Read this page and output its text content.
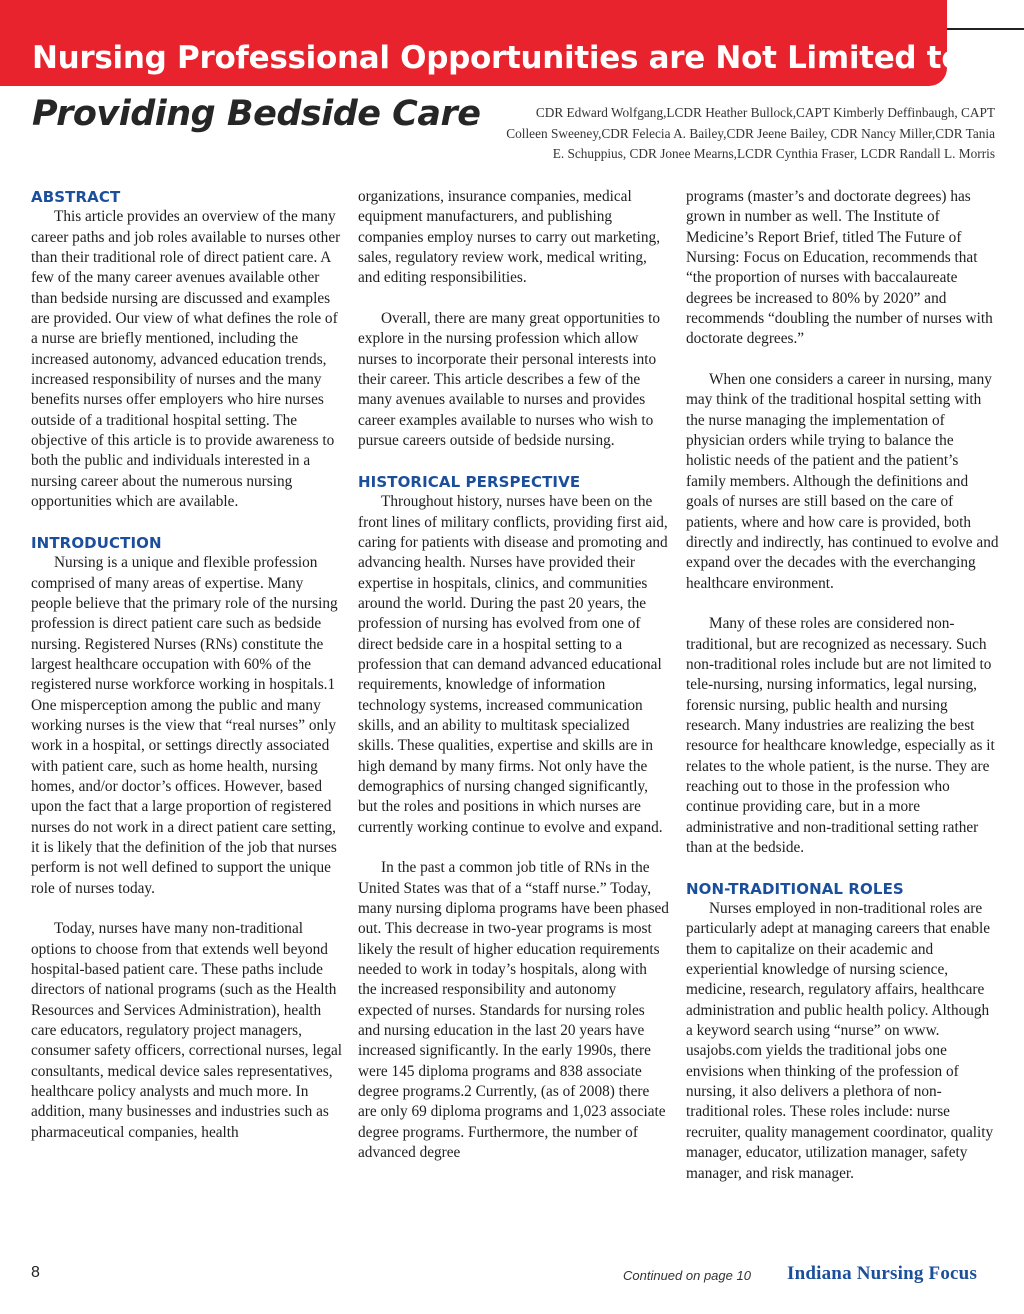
Nursing Professional Opportunities are Not Limited to
Providing Bedside Care	CDR Edward Wolfgang,LCDR Heather Bullock,CAPT Kimberly Deffinbaugh, CAPT
Colleen Sweeney,CDR Felecia A. Bailey,CDR Jeene Bailey, CDR Nancy Miller,CDR Tania
E. Schuppius, CDR Jonee Mearns,LCDR Cynthia Fraser, LCDR Randall L. Morris

ABSTRACT

This article provides an overview of the many career paths and job roles available to nurses other than their traditional role of direct patient care. A few of the many career avenues available other than bedside nursing are discussed and examples are provided. Our view of what defines the role of a nurse are briefly mentioned, including the increased autonomy, advanced education trends, increased responsibility of nurses and the many benefits nurses offer employers who hire nurses outside of a traditional hospital setting. The objective of this article is to provide awareness to both the public and individuals interested in a nursing career about the numerous nursing opportunities which are available.

INTRODUCTION

Nursing is a unique and flexible profession comprised of many areas of expertise. Many people believe that the primary role of the nursing profession is direct patient care such as bedside nursing. Registered Nurses (RNs) constitute the largest healthcare occupation with 60% of the registered nurse workforce working in hospitals.1 One misperception among the public and many working nurses is the view that “real nurses” only work in a hospital, or settings directly associated with patient care, such as home health, nursing homes, and/or doctor’s offices. However, based upon the fact that a large proportion of registered nurses do not work in a direct patient care setting, it is likely that the definition of the job that nurses perform is not well defined to support the unique role of nurses today.

Today, nurses have many non-traditional options to choose from that extends well beyond hospital-based patient care. These paths include directors of national programs (such as the Health Resources and Services Administration), health care educators, regulatory project managers, consumer safety officers, correctional nurses, legal consultants, medical device sales representatives, healthcare policy analysts and much more. In addition, many businesses and industries such as pharmaceutical companies, health

organizations, insurance companies, medical equipment manufacturers, and publishing companies employ nurses to carry out marketing, sales, regulatory review work, medical writing, and editing responsibilities.

Overall, there are many great opportunities to explore in the nursing profession which allow nurses to incorporate their personal interests into their career. This article describes a few of the many avenues available to nurses and provides career examples available to nurses who wish to pursue careers outside of bedside nursing.

HISTORICAL PERSPECTIVE

Throughout history, nurses have been on the front lines of military conflicts, providing first aid, caring for patients with disease and promoting and advancing health. Nurses have provided their expertise in hospitals, clinics, and communities around the world. During the past 20 years, the profession of nursing has evolved from one of direct bedside care in a hospital setting to a profession that can demand advanced educational requirements, knowledge of information technology systems, increased communication skills, and an ability to multitask specialized skills. These qualities, expertise and skills are in high demand by many firms. Not only have the demographics of nursing changed significantly, but the roles and positions in which nurses are currently working continue to evolve and expand.

In the past a common job title of RNs in the United States was that of a “staff nurse.” Today, many nursing diploma programs have been phased out. This decrease in two-year programs is most likely the result of higher education requirements needed to work in today’s hospitals, along with the increased responsibility and autonomy expected of nurses. Standards for nursing roles and nursing education in the last 20 years have increased significantly. In the early 1990s, there were 145 diploma programs and 838 associate degree programs.2 Currently, (as of 2008) there are only 69 diploma programs and 1,023 associate degree programs. Furthermore, the number of advanced degree

programs (master’s and doctorate degrees) has grown in number as well. The Institute of Medicine’s Report Brief, titled The Future of Nursing: Focus on Education, recommends that “the proportion of nurses with baccalaureate degrees be increased to 80% by 2020” and recommends “doubling the number of nurses with doctorate degrees.”

When one considers a career in nursing, many may think of the traditional hospital setting with the nurse managing the implementation of physician orders while trying to balance the holistic needs of the patient and the patient’s family members. Although the definitions and goals of nurses are still based on the care of patients, where and how care is provided, both directly and indirectly, has continued to evolve and expand over the decades with the everchanging healthcare environment.

Many of these roles are considered non-traditional, but are recognized as necessary. Such non-traditional roles include but are not limited to tele-nursing, nursing informatics, legal nursing, forensic nursing, public health and nursing research. Many industries are realizing the best resource for healthcare knowledge, especially as it relates to the whole patient, is the nurse. They are reaching out to those in the profession who continue providing care, but in a more administrative and non-traditional setting rather than at the bedside.

NON-TRADITIONAL ROLES

Nurses employed in non-traditional roles are particularly adept at managing careers that enable them to capitalize on their academic and experiential knowledge of nursing science, medicine, research, regulatory affairs, healthcare administration and public health policy. Although a keyword search using “nurse” on www. usajobs.com yields the traditional jobs one envisions when thinking of the profession of nursing, it also delivers a plethora of non-traditional roles. These roles include: nurse recruiter, quality management coordinator, quality manager, educator, utilization manager, safety manager, and risk manager.

8	Continued on page 10 Indiana Nursing Focus
